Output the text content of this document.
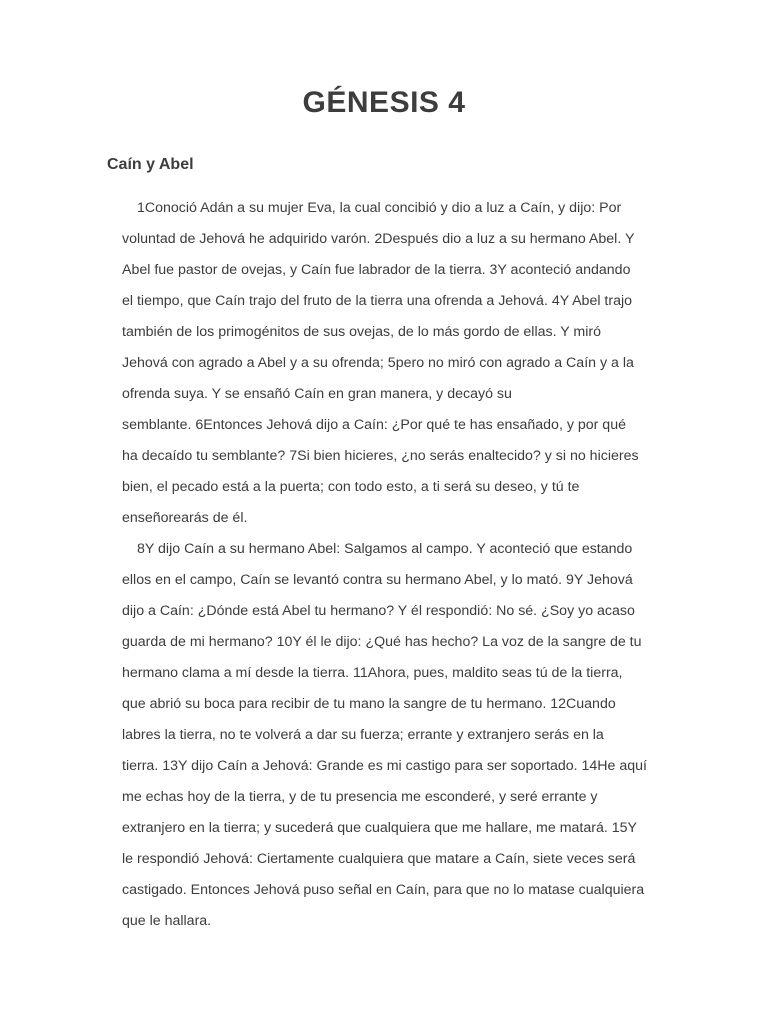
GÉNESIS 4
Caín y Abel
1Conoció Adán a su mujer Eva, la cual concibió y dio a luz a Caín, y dijo: Por
voluntad de Jehová he adquirido varón. 2Después dio a luz a su hermano Abel. Y
Abel fue pastor de ovejas, y Caín fue labrador de la tierra. 3Y aconteció andando
el tiempo, que Caín trajo del fruto de la tierra una ofrenda a Jehová. 4Y Abel trajo
también de los primogénitos de sus ovejas, de lo más gordo de ellas. Y miró
Jehová con agrado a Abel y a su ofrenda; 5pero no miró con agrado a Caín y a la
ofrenda suya. Y se ensañó Caín en gran manera, y decayó su
semblante. 6Entonces Jehová dijo a Caín: ¿Por qué te has ensañado, y por qué
ha decaído tu semblante? 7Si bien hicieres, ¿no serás enaltecido? y si no hicieres
bien, el pecado está a la puerta; con todo esto, a ti será su deseo, y tú te
enseñorearás de él.
8Y dijo Caín a su hermano Abel: Salgamos al campo. Y aconteció que estando
ellos en el campo, Caín se levantó contra su hermano Abel, y lo mató. 9Y Jehová
dijo a Caín: ¿Dónde está Abel tu hermano? Y él respondió: No sé. ¿Soy yo acaso
guarda de mi hermano? 10Y él le dijo: ¿Qué has hecho? La voz de la sangre de tu
hermano clama a mí desde la tierra. 11Ahora, pues, maldito seas tú de la tierra,
que abrió su boca para recibir de tu mano la sangre de tu hermano. 12Cuando
labres la tierra, no te volverá a dar su fuerza; errante y extranjero serás en la
tierra. 13Y dijo Caín a Jehová: Grande es mi castigo para ser soportado. 14He aquí
me echas hoy de la tierra, y de tu presencia me esconderé, y seré errante y
extranjero en la tierra; y sucederá que cualquiera que me hallare, me matará. 15Y
le respondió Jehová: Ciertamente cualquiera que matare a Caín, siete veces será
castigado. Entonces Jehová puso señal en Caín, para que no lo matase cualquiera
que le hallara.
